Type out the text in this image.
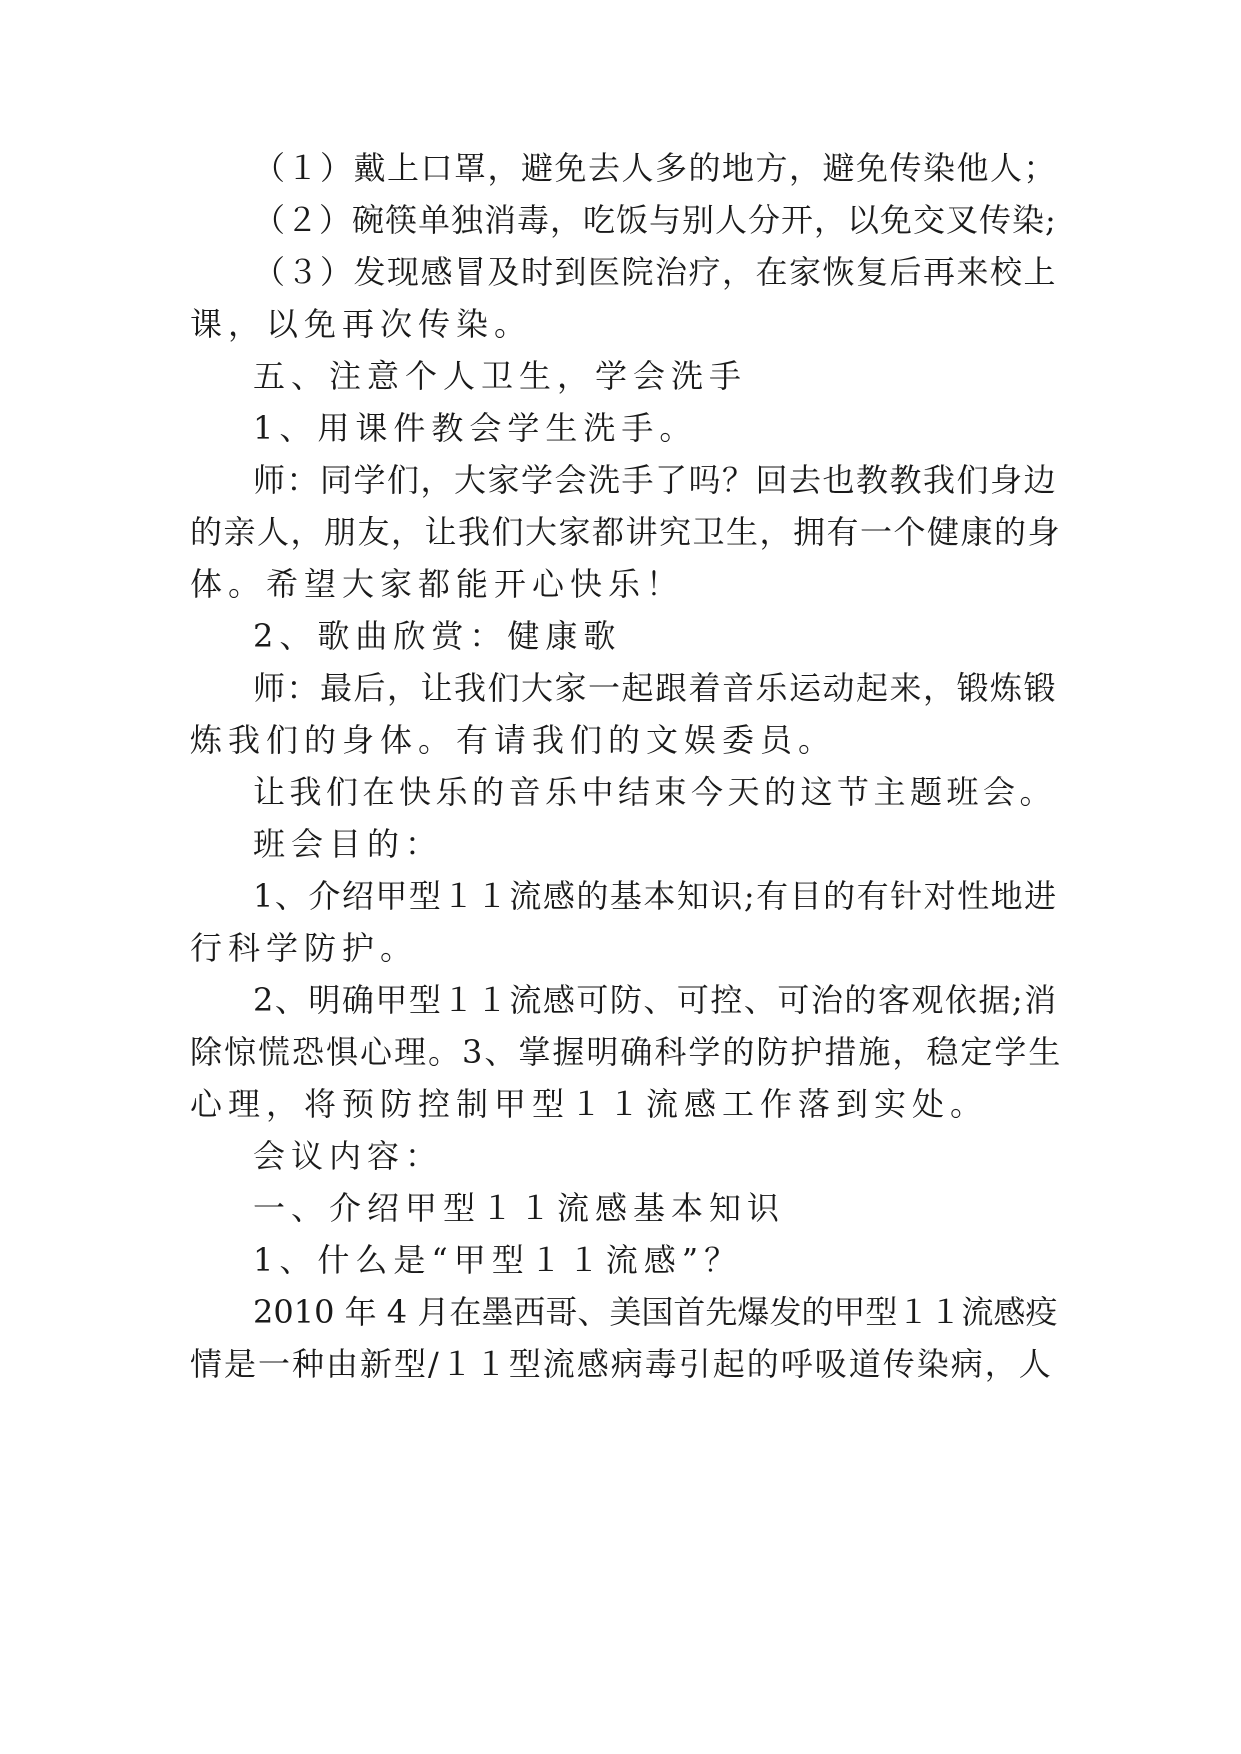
（１）戴上口罩，避免去人多的地方，避免传染他人；
（２）碗筷单独消毒，吃饭与别人分开，以免交叉传染;
（３）发现感冒及时到医院治疗，在家恢复后再来校上
课，以免再次传染。
五、注意个人卫生，学会洗手
1、用课件教会学生洗手。
师：同学们，大家学会洗手了吗？回去也教教我们身边
的亲人，朋友，让我们大家都讲究卫生，拥有一个健康的身
体。希望大家都能开心快乐！
2、歌曲欣赏：健康歌
师：最后，让我们大家一起跟着音乐运动起来，锻炼锻
炼我们的身体。有请我们的文娱委员。
让我们在快乐的音乐中结束今天的这节主题班会。
班会目的：
1、介绍甲型１１流感的基本知识;有目的有针对性地进
行科学防护。
2、明确甲型１１流感可防、可控、可治的客观依据;消
除惊慌恐惧心理。3、掌握明确科学的防护措施，稳定学生
心理，将预防控制甲型１１流感工作落到实处。
会议内容：
一、介绍甲型１１流感基本知识
1、什么是“甲型１１流感”？
2010 年 4 月在墨西哥、美国首先爆发的甲型１１流感疫
情是一种由新型/１１型流感病毒引起的呼吸道传染病，人
